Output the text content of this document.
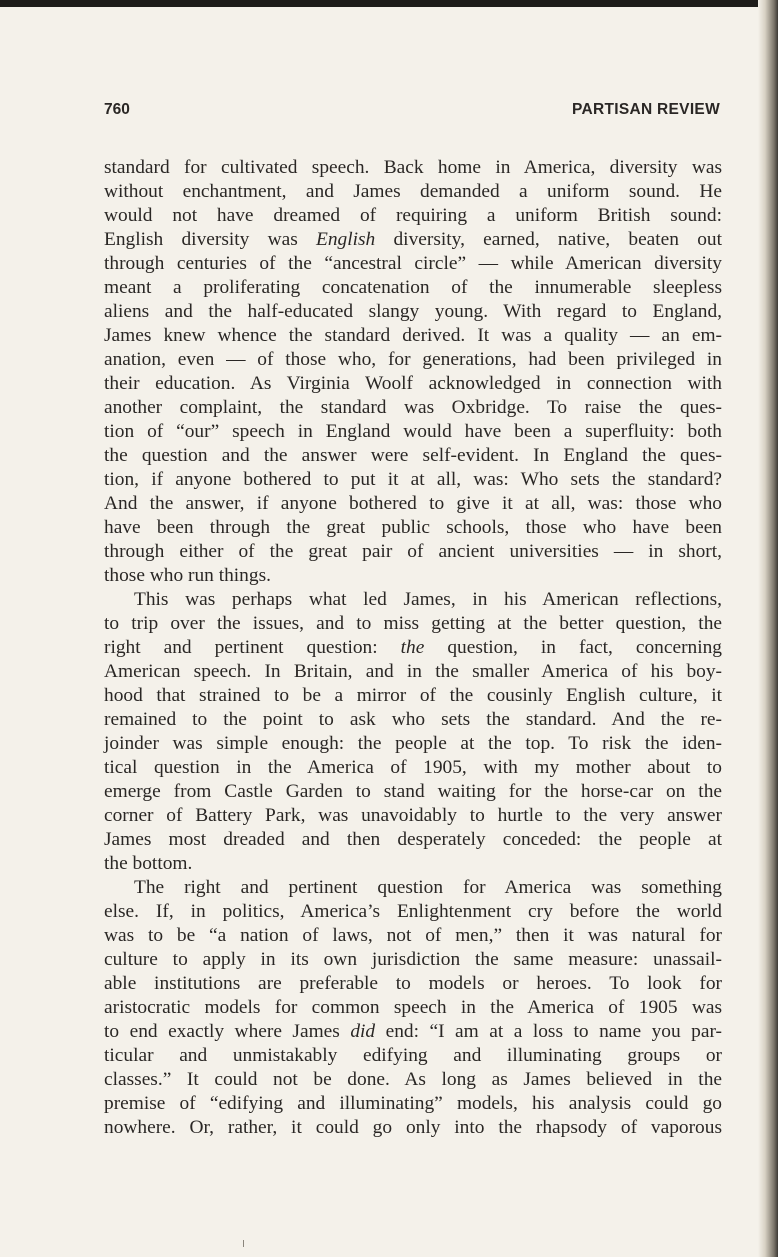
760	PARTISAN REVIEW
standard for cultivated speech. Back home in America, diversity was
without enchantment, and James demanded a uniform sound. He
would not have dreamed of requiring a uniform British sound:
English diversity was English diversity, earned, native, beaten out
through centuries of the “ancestral circle” — while American diversity
meant a proliferating concatenation of the innumerable sleepless
aliens and the half-educated slangy young. With regard to England,
James knew whence the standard derived. It was a quality — an em-
anation, even — of those who, for generations, had been privileged in
their education. As Virginia Woolf acknowledged in connection with
another complaint, the standard was Oxbridge. To raise the ques-
tion of “our” speech in England would have been a superfluity: both
the question and the answer were self-evident. In England the ques-
tion, if anyone bothered to put it at all, was: Who sets the standard?
And the answer, if anyone bothered to give it at all, was: those who
have been through the great public schools, those who have been
through either of the great pair of ancient universities — in short,
those who run things.
This was perhaps what led James, in his American reflections,
to trip over the issues, and to miss getting at the better question, the
right and pertinent question: the question, in fact, concerning
American speech. In Britain, and in the smaller America of his boy-
hood that strained to be a mirror of the cousinly English culture, it
remained to the point to ask who sets the standard. And the re-
joinder was simple enough: the people at the top. To risk the iden-
tical question in the America of 1905, with my mother about to
emerge from Castle Garden to stand waiting for the horse-car on the
corner of Battery Park, was unavoidably to hurtle to the very answer
James most dreaded and then desperately conceded: the people at
the bottom.
The right and pertinent question for America was something
else. If, in politics, America’s Enlightenment cry before the world
was to be “a nation of laws, not of men,” then it was natural for
culture to apply in its own jurisdiction the same measure: unassail-
able institutions are preferable to models or heroes. To look for
aristocratic models for common speech in the America of 1905 was
to end exactly where James did end: “I am at a loss to name you par-
ticular and unmistakably edifying and illuminating groups or
classes.” It could not be done. As long as James believed in the
premise of “edifying and illuminating” models, his analysis could go
nowhere. Or, rather, it could go only into the rhapsody of vaporous
